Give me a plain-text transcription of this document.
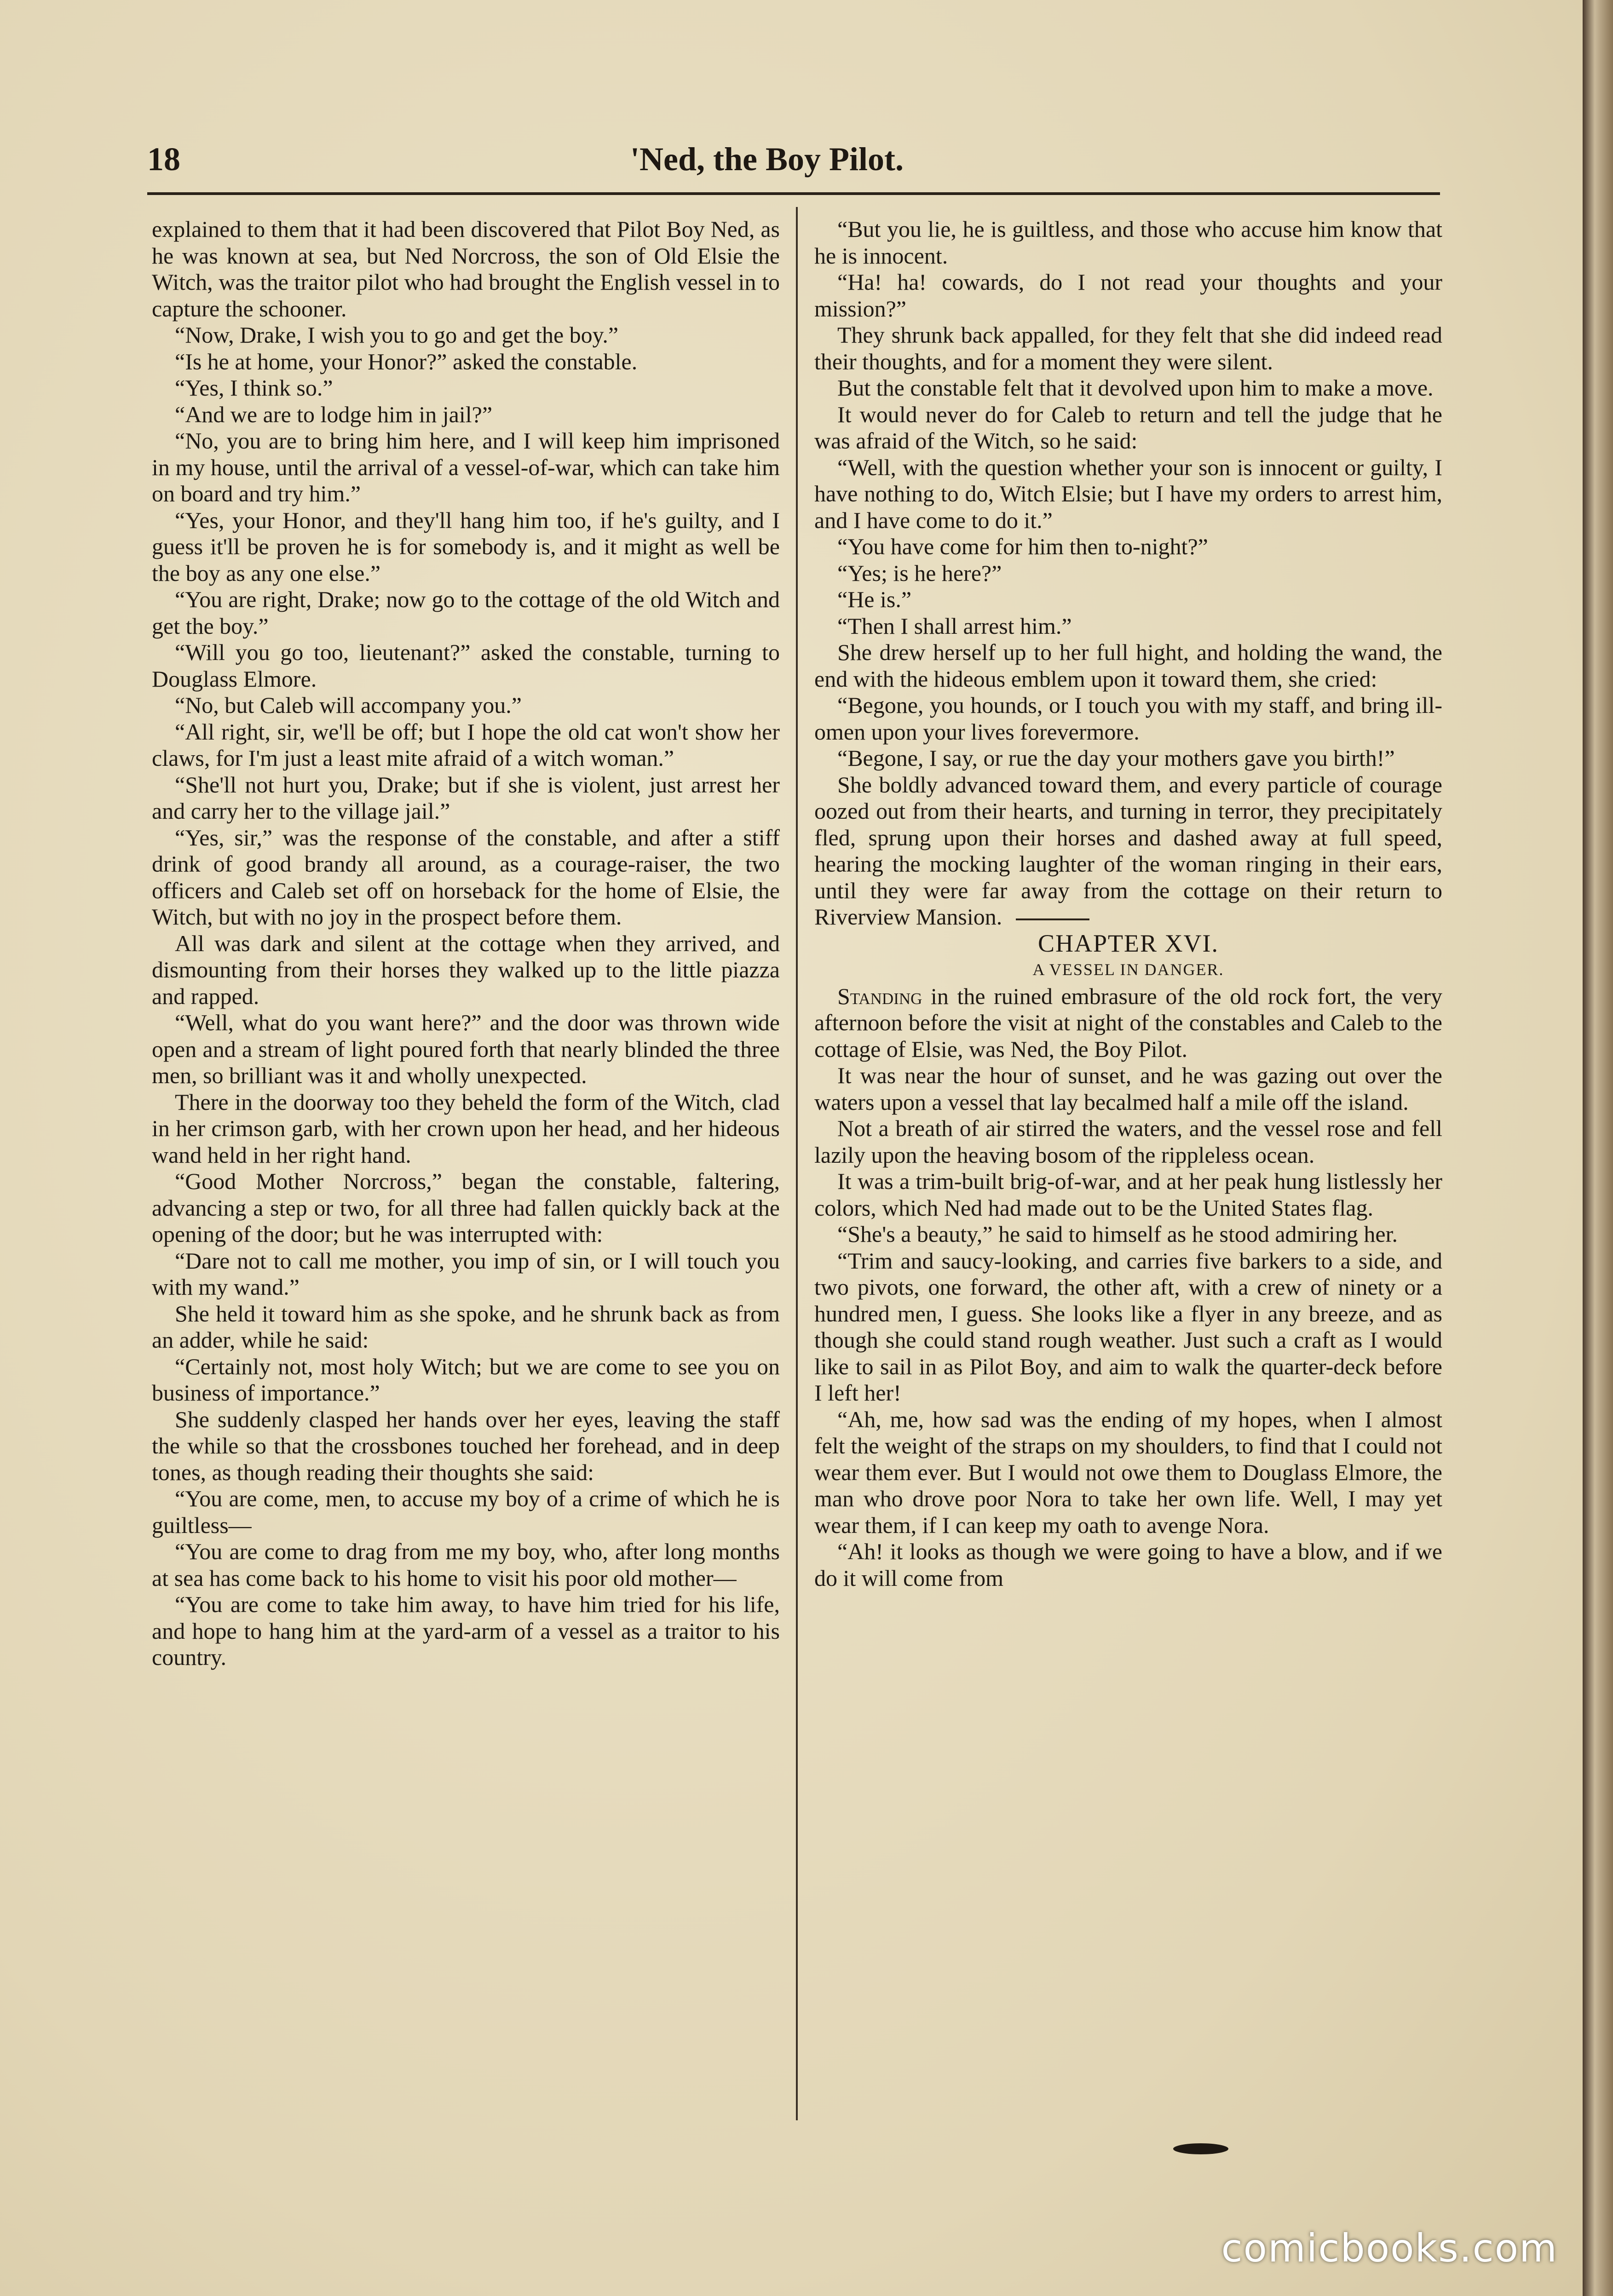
18	'Ned, the Boy Pilot.

explained to them that it had been discovered that Pilot Boy Ned, as he was known at sea, but Ned Norcross, the son of Old Elsie the Witch, was the traitor pilot who had brought the English vessel in to capture the schooner.

“Now, Drake, I wish you to go and get the boy.”

“Is he at home, your Honor?” asked the constable.

“Yes, I think so.”

“And we are to lodge him in jail?”

“No, you are to bring him here, and I will keep him imprisoned in my house, until the arrival of a vessel-of-war, which can take him on board and try him.”

“Yes, your Honor, and they'll hang him too, if he's guilty, and I guess it'll be proven he is for somebody is, and it might as well be the boy as any one else.”

“You are right, Drake; now go to the cottage of the old Witch and get the boy.”

“Will you go too, lieutenant?” asked the constable, turning to Douglass Elmore.

“No, but Caleb will accompany you.”

“All right, sir, we'll be off; but I hope the old cat won't show her claws, for I'm just a least mite afraid of a witch woman.”

“She'll not hurt you, Drake; but if she is violent, just arrest her and carry her to the village jail.”

“Yes, sir,” was the response of the constable, and after a stiff drink of good brandy all around, as a courage-raiser, the two officers and Caleb set off on horseback for the home of Elsie, the Witch, but with no joy in the prospect before them.

All was dark and silent at the cottage when they arrived, and dismounting from their horses they walked up to the little piazza and rapped.

“Well, what do you want here?” and the door was thrown wide open and a stream of light poured forth that nearly blinded the three men, so brilliant was it and wholly unexpected.

There in the doorway too they beheld the form of the Witch, clad in her crimson garb, with her crown upon her head, and her hideous wand held in her right hand.

“Good Mother Norcross,” began the constable, faltering, advancing a step or two, for all three had fallen quickly back at the opening of the door; but he was interrupted with:

“Dare not to call me mother, you imp of sin, or I will touch you with my wand.”

She held it toward him as she spoke, and he shrunk back as from an adder, while he said:

“Certainly not, most holy Witch; but we are come to see you on business of importance.”

She suddenly clasped her hands over her eyes, leaving the staff the while so that the crossbones touched her forehead, and in deep tones, as though reading their thoughts she said:

“You are come, men, to accuse my boy of a crime of which he is guiltless—

“You are come to drag from me my boy, who, after long months at sea has come back to his home to visit his poor old mother—

“You are come to take him away, to have him tried for his life, and hope to hang him at the yard-arm of a vessel as a traitor to his country.

“But you lie, he is guiltless, and those who accuse him know that he is innocent.

“Ha! ha! cowards, do I not read your thoughts and your mission?”

They shrunk back appalled, for they felt that she did indeed read their thoughts, and for a moment they were silent.

But the constable felt that it devolved upon him to make a move.

It would never do for Caleb to return and tell the judge that he was afraid of the Witch, so he said:

“Well, with the question whether your son is innocent or guilty, I have nothing to do, Witch Elsie; but I have my orders to arrest him, and I have come to do it.”

“You have come for him then to-night?”

“Yes; is he here?”

“He is.”

“Then I shall arrest him.”

She drew herself up to her full hight, and holding the wand, the end with the hideous emblem upon it toward them, she cried:

“Begone, you hounds, or I touch you with my staff, and bring ill-omen upon your lives forevermore.

“Begone, I say, or rue the day your mothers gave you birth!”

She boldly advanced toward them, and every particle of courage oozed out from their hearts, and turning in terror, they precipitately fled, sprung upon their horses and dashed away at full speed, hearing the mocking laughter of the woman ringing in their ears, until they were far away from the cottage on their return to Riverview Mansion.

CHAPTER XVI.

A VESSEL IN DANGER.

Standing in the ruined embrasure of the old rock fort, the very afternoon before the visit at night of the constables and Caleb to the cottage of Elsie, was Ned, the Boy Pilot.

It was near the hour of sunset, and he was gazing out over the waters upon a vessel that lay becalmed half a mile off the island.

Not a breath of air stirred the waters, and the vessel rose and fell lazily upon the heaving bosom of the rippleless ocean.

It was a trim-built brig-of-war, and at her peak hung listlessly her colors, which Ned had made out to be the United States flag.

“She's a beauty,” he said to himself as he stood admiring her.

“Trim and saucy-looking, and carries five barkers to a side, and two pivots, one forward, the other aft, with a crew of ninety or a hundred men, I guess. She looks like a flyer in any breeze, and as though she could stand rough weather. Just such a craft as I would like to sail in as Pilot Boy, and aim to walk the quarter-deck before I left her!

“Ah, me, how sad was the ending of my hopes, when I almost felt the weight of the straps on my shoulders, to find that I could not wear them ever. But I would not owe them to Douglass Elmore, the man who drove poor Nora to take her own life. Well, I may yet wear them, if I can keep my oath to avenge Nora.

“Ah! it looks as though we were going to have a blow, and if we do it will come from

comicbooks.com
